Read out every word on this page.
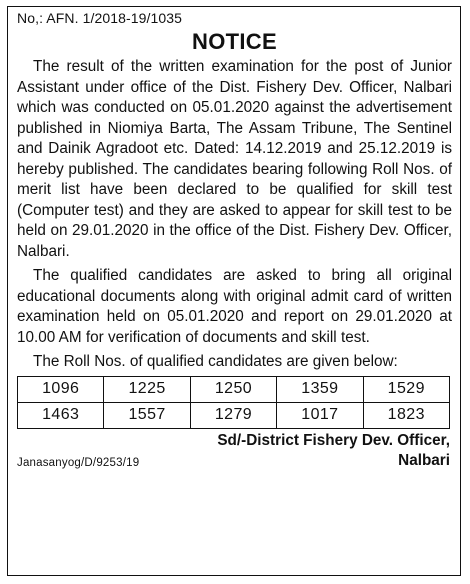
No,: AFN. 1/2018-19/1035

NOTICE

The result of the written examination for the post of Junior Assistant under office of the Dist. Fishery Dev. Officer, Nalbari which was conducted on 05.01.2020 against the advertisement published in Niomiya Barta, The Assam Tribune, The Sentinel and Dainik Agradoot etc. Dated: 14.12.2019 and 25.12.2019 is hereby published. The candidates bearing following Roll Nos. of merit list have been declared to be qualified for skill test (Computer test) and they are asked to appear for skill test to be held on 29.01.2020 in the office of the Dist. Fishery Dev. Officer, Nalbari.

The qualified candidates are asked to bring all original educational documents along with original admit card of written examination held on 05.01.2020 and report on 29.01.2020 at 10.00 AM for verification of documents and skill test.

The Roll Nos. of qualified candidates are given below:

1096	1225	1250	1359	1529
1463	1557	1279	1017	1823
Sd/-District Fishery Dev. Officer,
Janasanyog/D/9253/19	Nalbari
